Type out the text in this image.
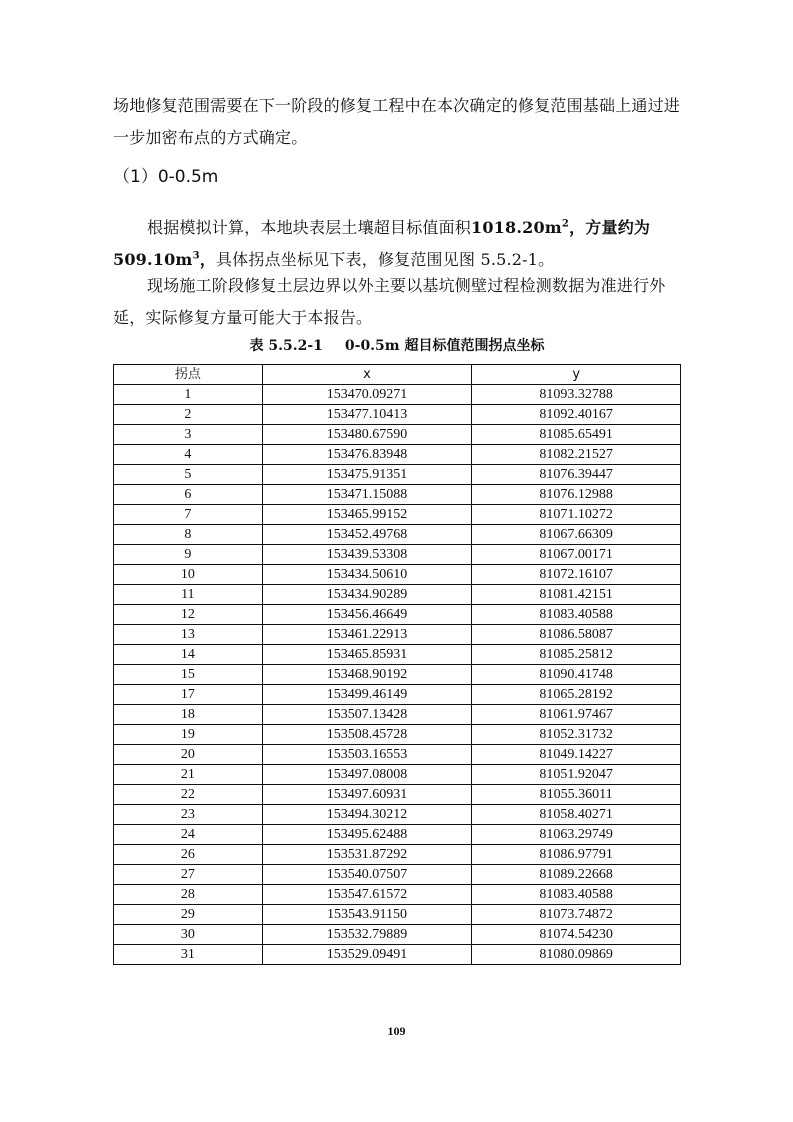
场地修复范围需要在下一阶段的修复工程中在本次确定的修复范围基础上通过进一步加密布点的方式确定。
（1）0-0.5m
根据模拟计算，本地块表层土壤超目标值面积$1018.20m^2$，方量约为$509.10m^3$，具体拐点坐标见下表，修复范围见图 5.5.2-1。
现场施工阶段修复土层边界以外主要以基坑侧壁过程检测数据为准进行外延，实际修复方量可能大于本报告。
表 5.5.2-1 0-0.5m 超目标值范围拐点坐标
拐点	x	y
1	153470.09271	81093.32788
2	153477.10413	81092.40167
3	153480.67590	81085.65491
4	153476.83948	81082.21527
5	153475.91351	81076.39447
6	153471.15088	81076.12988
7	153465.99152	81071.10272
8	153452.49768	81067.66309
9	153439.53308	81067.00171
10	153434.50610	81072.16107
11	153434.90289	81081.42151
12	153456.46649	81083.40588
13	153461.22913	81086.58087
14	153465.85931	81085.25812
15	153468.90192	81090.41748
17	153499.46149	81065.28192
18	153507.13428	81061.97467
19	153508.45728	81052.31732
20	153503.16553	81049.14227
21	153497.08008	81051.92047
22	153497.60931	81055.36011
23	153494.30212	81058.40271
24	153495.62488	81063.29749
26	153531.87292	81086.97791
27	153540.07507	81089.22668
28	153547.61572	81083.40588
29	153543.91150	81073.74872
30	153532.79889	81074.54230
31	153529.09491	81080.09869
109
